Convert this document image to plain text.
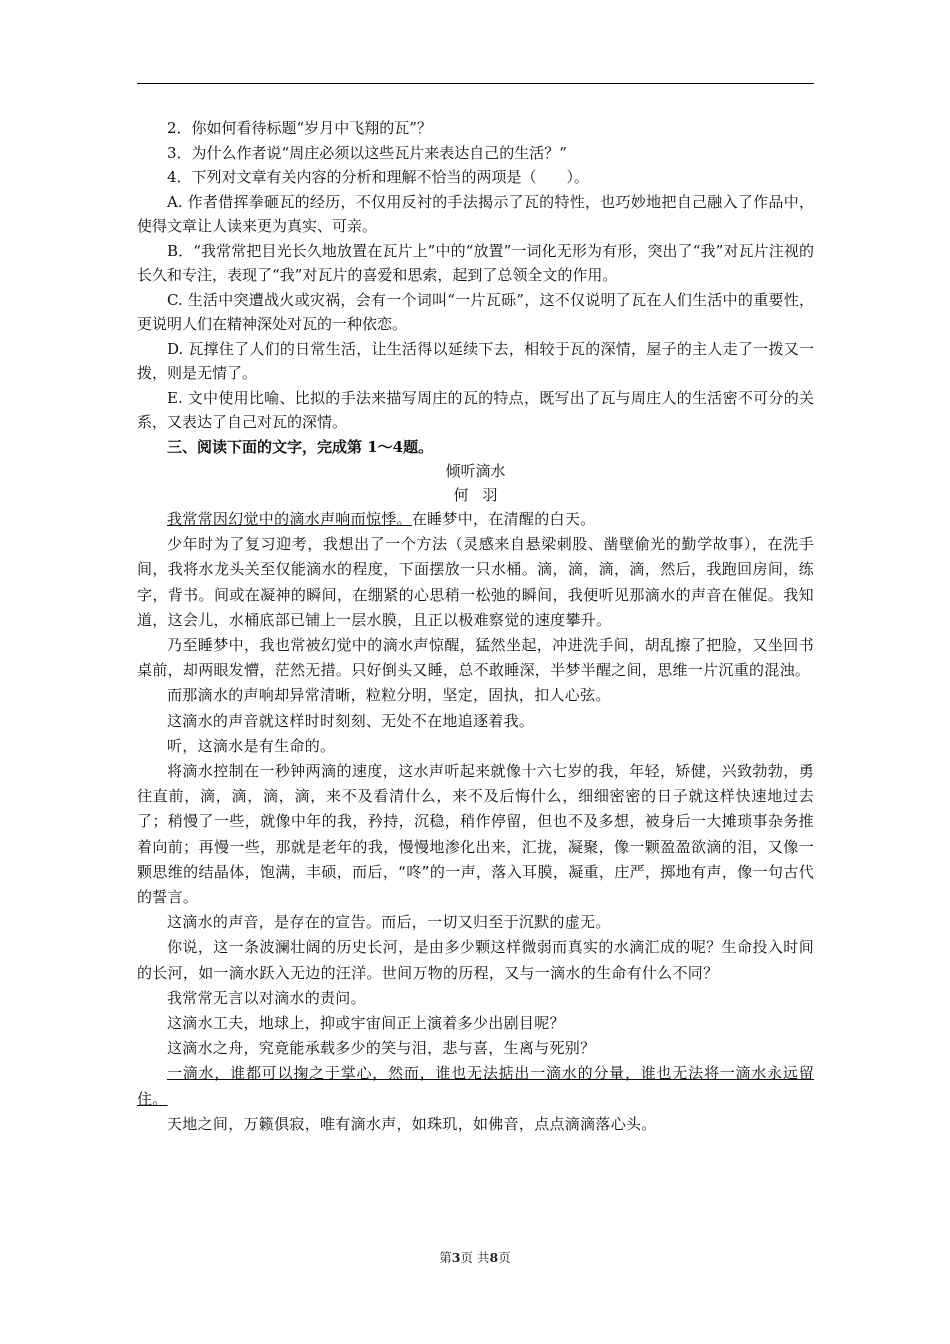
2．你如何看待标题“岁月中飞翔的瓦”？

3．为什么作者说“周庄必须以这些瓦片来表达自己的生活？”

4．下列对文章有关内容的分析和理解不恰当的两项是（　　）。

A. 作者借挥拳砸瓦的经历，不仅用反衬的手法揭示了瓦的特性，也巧妙地把自己融入了作品中，使得文章让人读来更为真实、可亲。

B．“我常常把目光长久地放置在瓦片上”中的“放置”一词化无形为有形，突出了“我”对瓦片注视的长久和专注，表现了“我”对瓦片的喜爱和思索，起到了总领全文的作用。

C. 生活中突遭战火或灾祸，会有一个词叫“一片瓦砾”，这不仅说明了瓦在人们生活中的重要性，更说明人们在精神深处对瓦的一种依恋。

D. 瓦撑住了人们的日常生活，让生活得以延续下去，相较于瓦的深情，屋子的主人走了一拨又一拨，则是无情了。

E. 文中使用比喻、比拟的手法来描写周庄的瓦的特点，既写出了瓦与周庄人的生活密不可分的关系，又表达了自己对瓦的深情。

三、阅读下面的文字，完成第 1～4题。

倾听滴水

何羽

我常常因幻觉中的滴水声响而惊悸。在睡梦中，在清醒的白天。

少年时为了复习迎考，我想出了一个方法（灵感来自悬梁刺股、凿壁偷光的勤学故事），在洗手间，我将水龙头关至仅能滴水的程度，下面摆放一只水桶。滴，滴，滴，滴，然后，我跑回房间，练字，背书。间或在凝神的瞬间，在绷紧的心思稍一松弛的瞬间，我便听见那滴水的声音在催促。我知道，这会儿，水桶底部已铺上一层水膜，且正以极难察觉的速度攀升。

乃至睡梦中，我也常被幻觉中的滴水声惊醒，猛然坐起，冲进洗手间，胡乱擦了把脸，又坐回书桌前，却两眼发懵，茫然无措。只好倒头又睡，总不敢睡深，半梦半醒之间，思维一片沉重的混浊。

而那滴水的声响却异常清晰，粒粒分明，坚定，固执，扣人心弦。

这滴水的声音就这样时时刻刻、无处不在地追逐着我。

听，这滴水是有生命的。

将滴水控制在一秒钟两滴的速度，这水声听起来就像十六七岁的我，年轻，矫健，兴致勃勃，勇往直前，滴，滴，滴，滴，来不及看清什么，来不及后悔什么，细细密密的日子就这样快速地过去了；稍慢了一些，就像中年的我，矜持，沉稳，稍作停留，但也不及多想，被身后一大摊琐事杂务推着向前；再慢一些，那就是老年的我，慢慢地渗化出来，汇拢，凝聚，像一颗盈盈欲滴的泪，又像一颗思维的结晶体，饱满，丰硕，而后，“咚”的一声，落入耳膜，凝重，庄严，掷地有声，像一句古代的誓言。

这滴水的声音，是存在的宣告。而后，一切又归至于沉默的虚无。

你说，这一条波澜壮阔的历史长河，是由多少颗这样微弱而真实的水滴汇成的呢？生命投入时间的长河，如一滴水跃入无边的汪洋。世间万物的历程，又与一滴水的生命有什么不同？

我常常无言以对滴水的责问。

这滴水工夫，地球上，抑或宇宙间正上演着多少出剧目呢？

这滴水之舟，究竟能承载多少的笑与泪，悲与喜，生离与死别？

一滴水，谁都可以掬之于掌心，然而，谁也无法掂出一滴水的分量，谁也无法将一滴水永远留住。

天地之间，万籁俱寂，唯有滴水声，如珠玑，如佛音，点点滴滴落心头。

第3页 共8页
